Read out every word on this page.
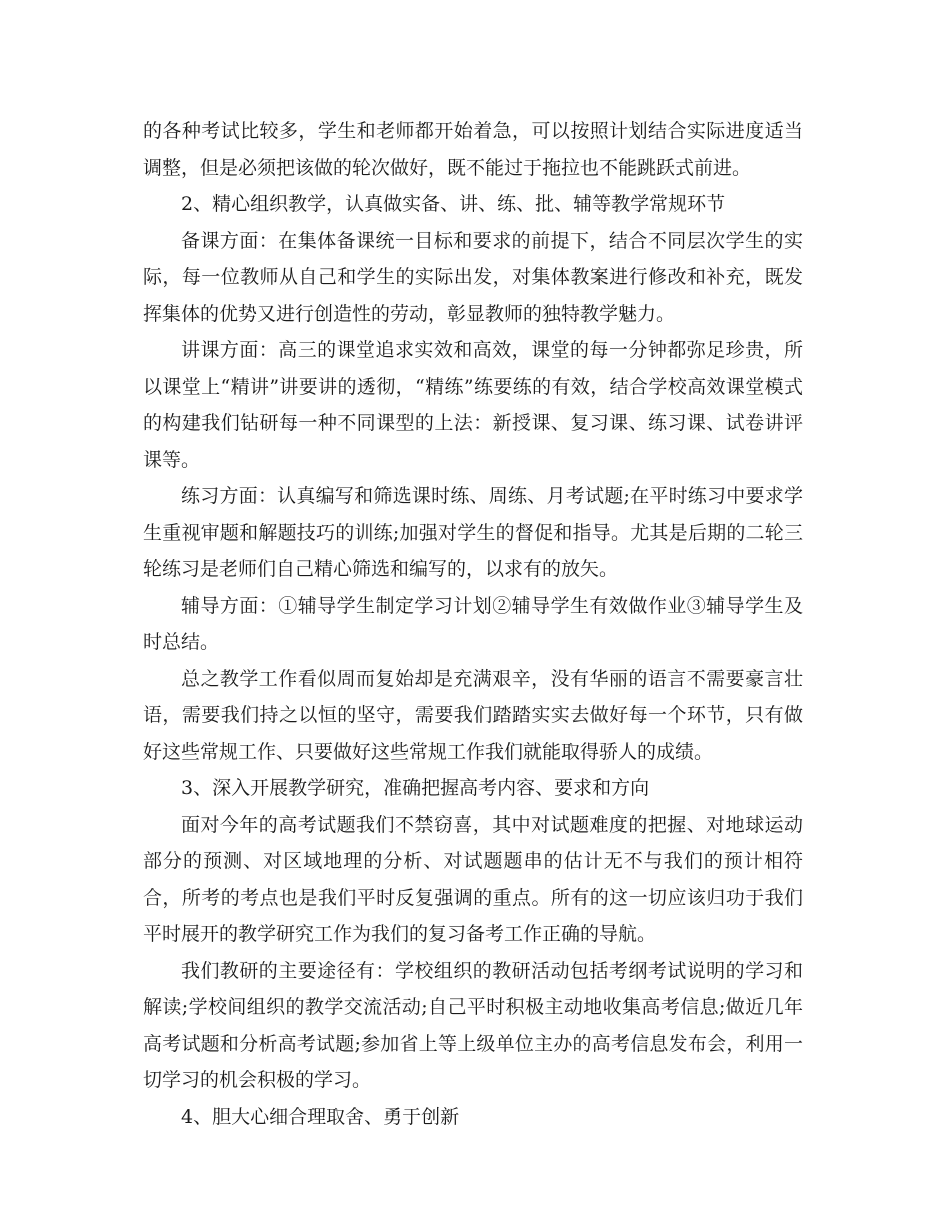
的各种考试比较多，学生和老师都开始着急，可以按照计划结合实际进度适当调整，但是必须把该做的轮次做好，既不能过于拖拉也不能跳跃式前进。

2、精心组织教学，认真做实备、讲、练、批、辅等教学常规环节

备课方面：在集体备课统一目标和要求的前提下，结合不同层次学生的实际，每一位教师从自己和学生的实际出发，对集体教案进行修改和补充，既发挥集体的优势又进行创造性的劳动，彰显教师的独特教学魅力。

讲课方面：高三的课堂追求实效和高效，课堂的每一分钟都弥足珍贵，所以课堂上“精讲”讲要讲的透彻，“精练”练要练的有效，结合学校高效课堂模式的构建我们钻研每一种不同课型的上法：新授课、复习课、练习课、试卷讲评课等。

练习方面：认真编写和筛选课时练、周练、月考试题;在平时练习中要求学生重视审题和解题技巧的训练;加强对学生的督促和指导。尤其是后期的二轮三轮练习是老师们自己精心筛选和编写的，以求有的放矢。

辅导方面：①辅导学生制定学习计划②辅导学生有效做作业③辅导学生及时总结。

总之教学工作看似周而复始却是充满艰辛，没有华丽的语言不需要豪言壮语，需要我们持之以恒的坚守，需要我们踏踏实实去做好每一个环节，只有做好这些常规工作、只要做好这些常规工作我们就能取得骄人的成绩。

3、深入开展教学研究，准确把握高考内容、要求和方向

面对今年的高考试题我们不禁窃喜，其中对试题难度的把握、对地球运动部分的预测、对区域地理的分析、对试题题串的估计无不与我们的预计相符合，所考的考点也是我们平时反复强调的重点。所有的这一切应该归功于我们平时展开的教学研究工作为我们的复习备考工作正确的导航。

我们教研的主要途径有：学校组织的教研活动包括考纲考试说明的学习和解读;学校间组织的教学交流活动;自己平时积极主动地收集高考信息;做近几年高考试题和分析高考试题;参加省上等上级单位主办的高考信息发布会，利用一切学习的机会积极的学习。

4、胆大心细合理取舍、勇于创新
